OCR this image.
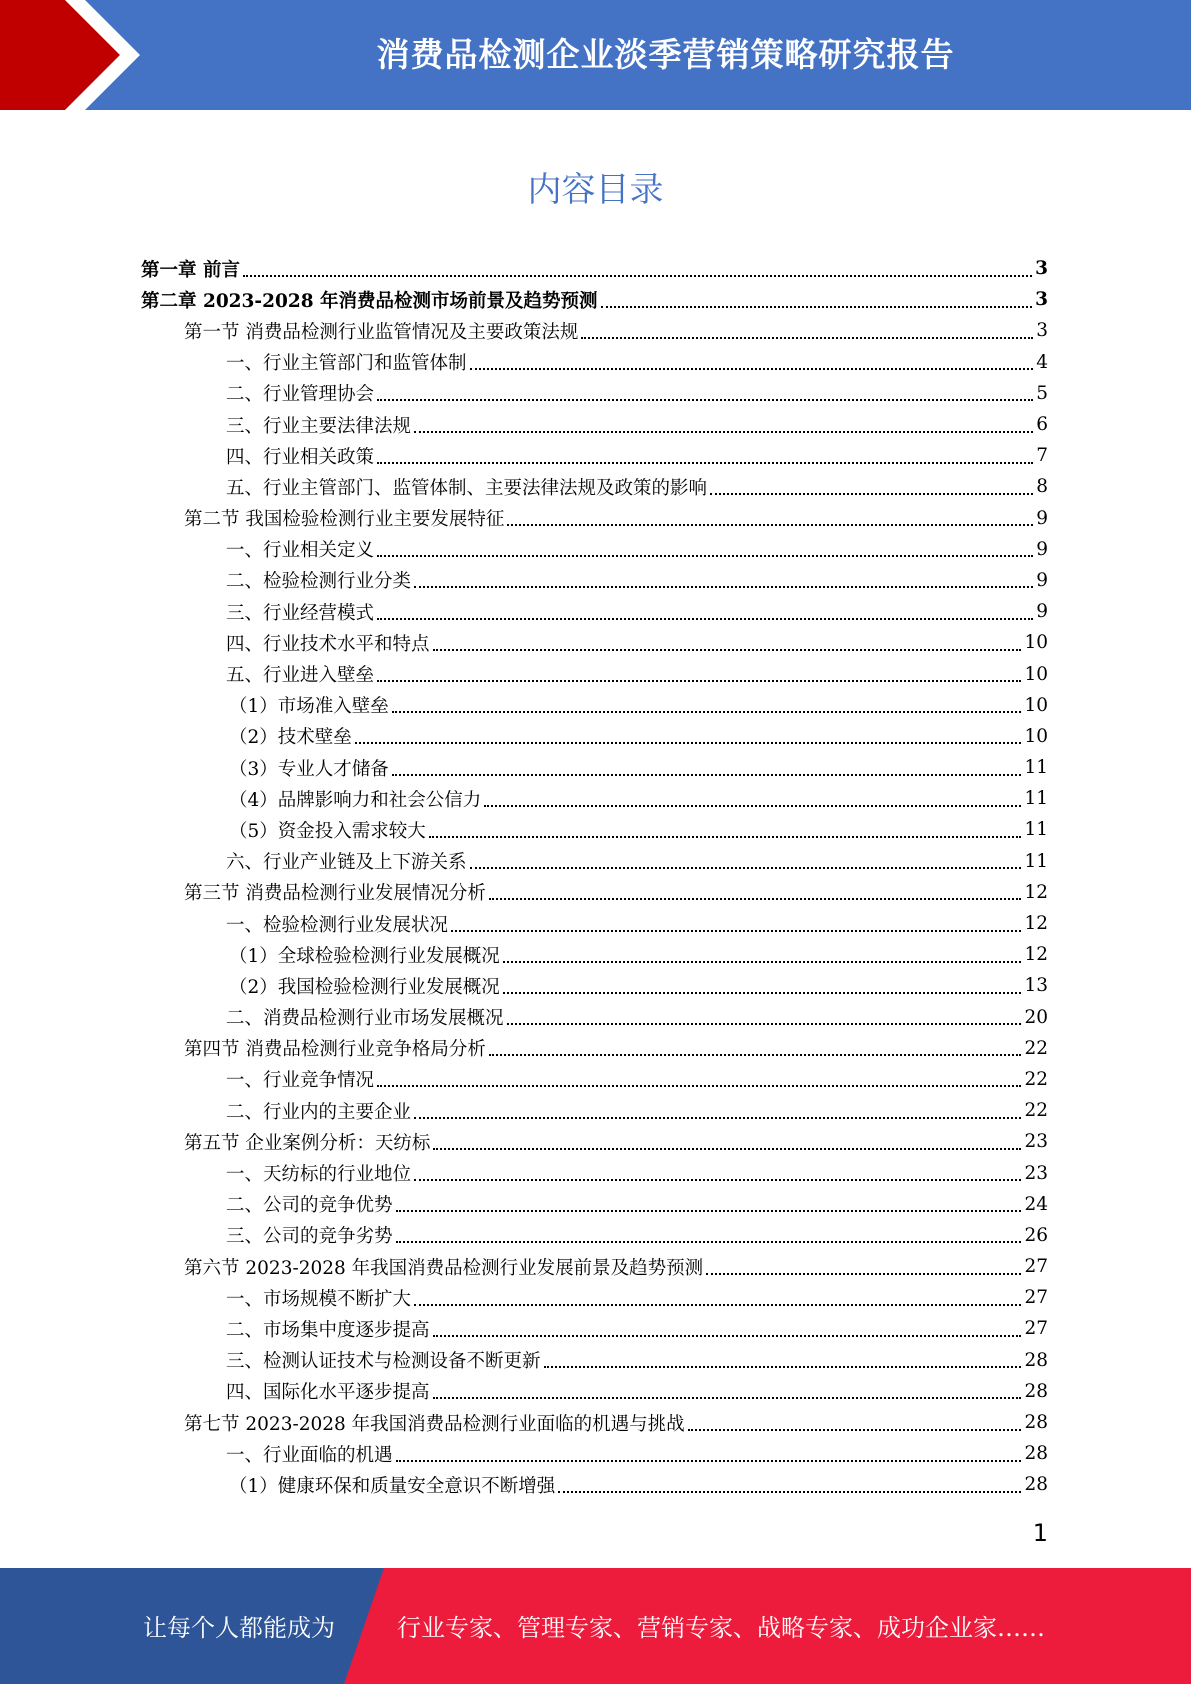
消费品检测企业淡季营销策略研究报告
内容目录
第一章 前言	3
第二章 2023-2028 年消费品检测市场前景及趋势预测	3
第一节 消费品检测行业监管情况及主要政策法规	3
一、行业主管部门和监管体制	4
二、行业管理协会	5
三、行业主要法律法规	6
四、行业相关政策	7
五、行业主管部门、监管体制、主要法律法规及政策的影响	8
第二节 我国检验检测行业主要发展特征	9
一、行业相关定义	9
二、检验检测行业分类	9
三、行业经营模式	9
四、行业技术水平和特点	10
五、行业进入壁垒	10
（1）市场准入壁垒	10
（2）技术壁垒	10
（3）专业人才储备	11
（4）品牌影响力和社会公信力	11
（5）资金投入需求较大	11
六、行业产业链及上下游关系	11
第三节 消费品检测行业发展情况分析	12
一、检验检测行业发展状况	12
（1）全球检验检测行业发展概况	12
（2）我国检验检测行业发展概况	13
二、消费品检测行业市场发展概况	20
第四节 消费品检测行业竞争格局分析	22
一、行业竞争情况	22
二、行业内的主要企业	22
第五节 企业案例分析：天纺标	23
一、天纺标的行业地位	23
二、公司的竞争优势	24
三、公司的竞争劣势	26
第六节 2023-2028 年我国消费品检测行业发展前景及趋势预测	27
一、市场规模不断扩大	27
二、市场集中度逐步提高	27
三、检测认证技术与检测设备不断更新	28
四、国际化水平逐步提高	28
第七节 2023-2028 年我国消费品检测行业面临的机遇与挑战	28
一、行业面临的机遇	28
（1）健康环保和质量安全意识不断增强	28
1
让每个人都能成为	行业专家、管理专家、营销专家、战略专家、成功企业家……
